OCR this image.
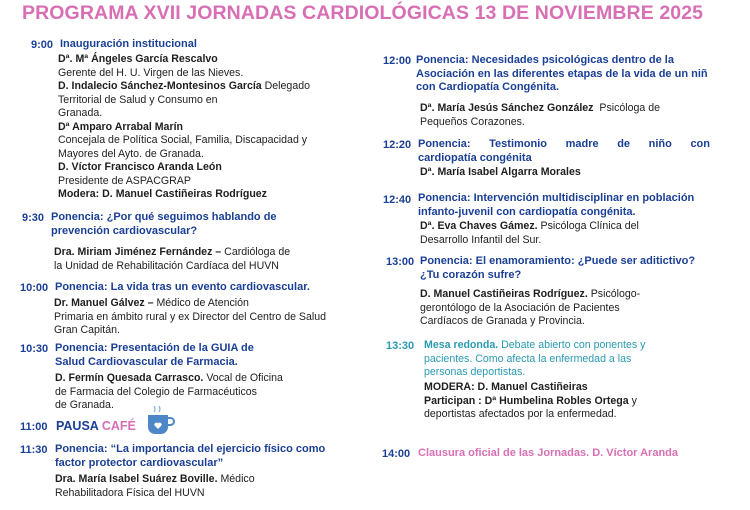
PROGRAMA XVII JORNADAS CARDIOLÓGICAS 13 DE NOVIEMBRE 2025
9:00 Inauguración institucional
Dª. Mª Ángeles García Rescalvo
Gerente del H. U. Virgen de las Nieves.
D. Indalecio Sánchez-Montesinos García Delegado
Territorial de Salud y Consumo en
Granada.
Dª Amparo Arrabal Marín
Concejala de Política Social, Familia, Discapacidad y
Mayores del Ayto. de Granada.
D. Víctor Francisco Aranda León
Presidente de ASPACGRAP
Modera: D. Manuel Castiñeiras Rodríguez
9:30 Ponencia: ¿Por qué seguimos hablando de
prevención cardiovascular?
Dra. Miriam Jiménez Fernández – Cardióloga de
la Unidad de Rehabilitación Cardíaca del HUVN
10:00 Ponencia: La vida tras un evento cardiovascular.
Dr. Manuel Gálvez – Médico de Atención
Primaria en ámbito rural y ex Director del Centro de Salud
Gran Capitán.
10:30 Ponencia: Presentación de la GUIA de
Salud Cardiovascular de Farmacia.
D. Fermín Quesada Carrasco. Vocal de Oficina
de Farmacia del Colegio de Farmacéuticos
de Granada.
11:00 PAUSA CAFÉ
11:30 Ponencia: “La importancia del ejercicio físico como
factor protector cardiovascular”
Dra. María Isabel Suárez Boville. Médico
Rehabilitadora Física del HUVN
12:00 Ponencia: Necesidades psicológicas dentro de la
Asociación en las diferentes etapas de la vida de un niñ
con Cardiopatía Congénita.
Dª. María Jesús Sánchez González Psicóloga de
Pequeños Corazones.
12:20 Ponencia: Testimonio madre de niño con
cardiopatía congénita
Dª. María Isabel Algarra Morales
12:40 Ponencia: Intervención multidisciplinar en población
infanto-juvenil con cardiopatía congénita.
Dª. Eva Chaves Gámez. Psicóloga Clínica del
Desarrollo Infantil del Sur.
13:00 Ponencia: El enamoramiento: ¿Puede ser aditictivo?
¿Tu corazón sufre?
D. Manuel Castiñeiras Rodríguez. Psicólogo-
gerontólogo de la Asociación de Pacientes
Cardíacos de Granada y Provincia.
13:30 Mesa redonda. Debate abierto con ponentes y
pacientes. Como afecta la enfermedad a las
personas deportistas.
MODERA: D. Manuel Castiñeiras
Participan : Dª Humbelina Robles Ortega y
deportistas afectados por la enfermedad.
14:00 Clausura oficial de las Jornadas. D. Víctor Aranda
